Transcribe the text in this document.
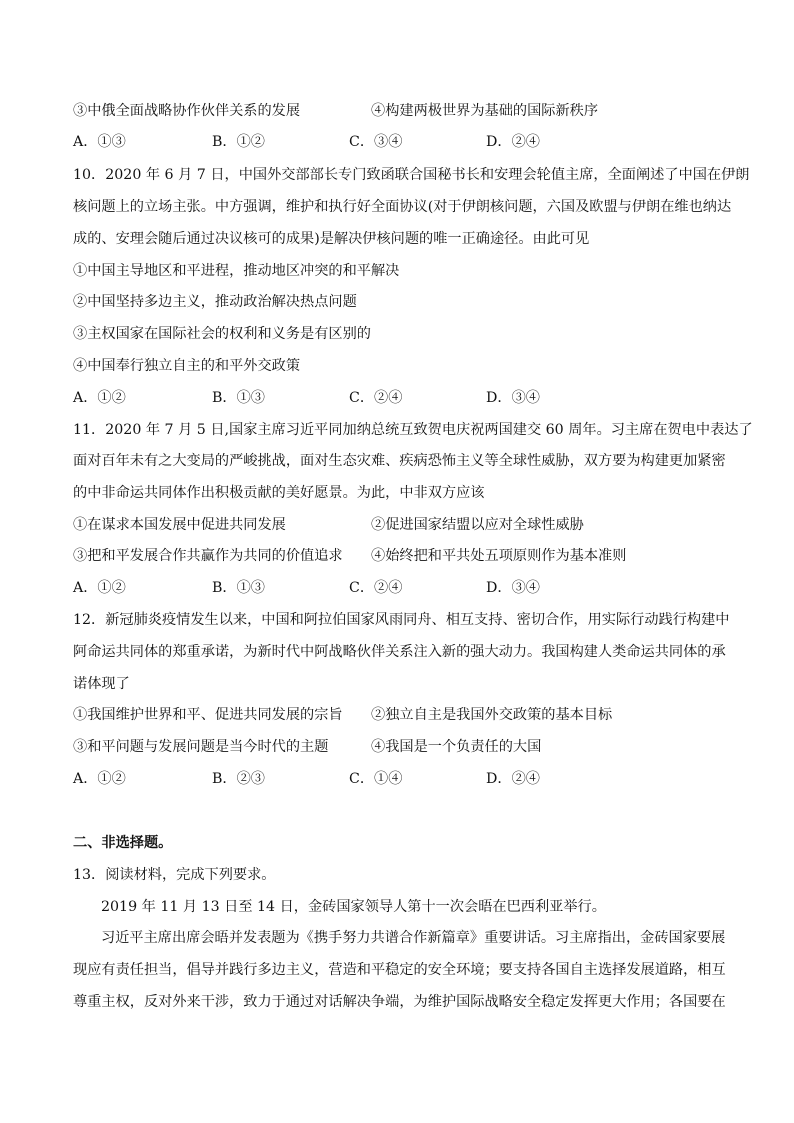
③中俄全面战略协作伙伴关系的发展	④构建两极世界为基础的国际新秩序
A．①③	B．①②	C．③④	D．②④
10．2020 年 6 月 7 日，中国外交部部长专门致函联合国秘书长和安理会轮值主席，全面阐述了中国在伊朗
核问题上的立场主张。中方强调，维护和执行好全面协议(对于伊朗核问题，六国及欧盟与伊朗在维也纳达
成的、安理会随后通过决议核可的成果)是解决伊核问题的唯一正确途径。由此可见
①中国主导地区和平进程，推动地区冲突的和平解决
②中国坚持多边主义，推动政治解决热点问题
③主权国家在国际社会的权利和义务是有区别的
④中国奉行独立自主的和平外交政策
A．①②	B．①③	C．②④	D．③④
11．2020 年 7 月 5 日,国家主席习近平同加纳总统互致贺电庆祝两国建交 60 周年。习主席在贺电中表达了
面对百年未有之大变局的严峻挑战，面对生态灾难、疾病恐怖主义等全球性威胁，双方要为构建更加紧密
的中非命运共同体作出积极贡献的美好愿景。为此，中非双方应该
①在谋求本国发展中促进共同发展	②促进国家结盟以应对全球性威胁
③把和平发展合作共赢作为共同的价值追求 ④始终把和平共处五项原则作为基本准则
A．①②	B．①③	C．②④	D．③④
12．新冠肺炎疫情发生以来，中国和阿拉伯国家风雨同舟、相互支持、密切合作，用实际行动践行构建中
阿命运共同体的郑重承诺，为新时代中阿战略伙伴关系注入新的强大动力。我国构建人类命运共同体的承
诺体现了
①我国维护世界和平、促进共同发展的宗旨 ②独立自主是我国外交政策的基本目标
③和平问题与发展问题是当今时代的主题	④我国是一个负责任的大国
A．①②	B．②③	C．①④	D．②④
二、非选择题。
13．阅读材料，完成下列要求。
2019 年 11 月 13 日至 14 日，金砖国家领导人第十一次会晤在巴西利亚举行。
习近平主席出席会晤并发表题为《携手努力共谱合作新篇章》重要讲话。习主席指出，金砖国家要展
现应有责任担当，倡导并践行多边主义，营造和平稳定的安全环境；要支持各国自主选择发展道路，相互
尊重主权，反对外来干涉，致力于通过对话解决争端，为维护国际战略安全稳定发挥更大作用；各国要在
